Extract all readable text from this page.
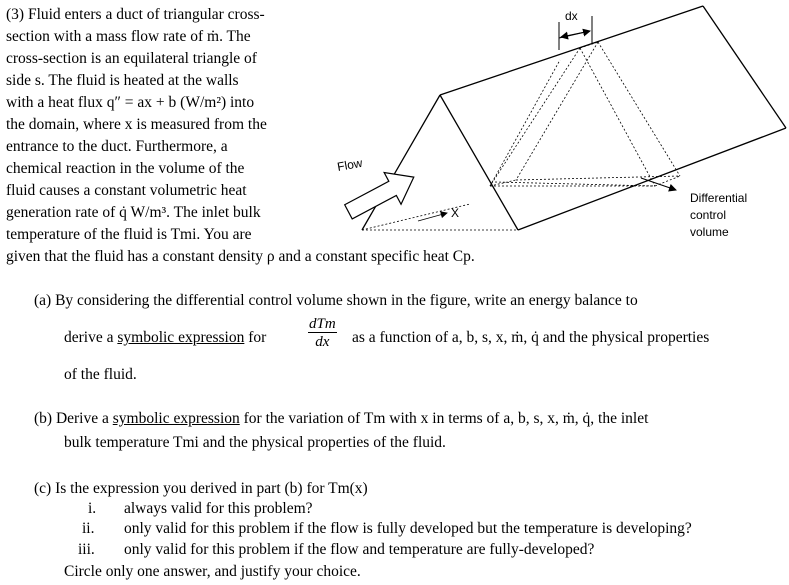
(3) Fluid enters a duct of triangular cross-
section with a mass flow rate of ṁ. The
cross-section is an equilateral triangle of
side s. The fluid is heated at the walls
with a heat flux q″ = ax + b (W/m²) into
the domain, where x is measured from the
entrance to the duct. Furthermore, a
chemical reaction in the volume of the
fluid causes a constant volumetric heat
generation rate of q̇ W/m³. The inlet bulk
temperature of the fluid is Tmi. You are
given that the fluid has a constant density ρ and a constant specific heat Cp.
dx
X
Flow
Differential
control
volume
(a) By considering the differential control volume shown in the figure, write an energy balance to
derive a symbolic expression for
dTm
dx	as a function of a, b, s, x, ṁ, q̇ and the physical properties
of the fluid.
(b) Derive a symbolic expression for the variation of Tm with x in terms of a, b, s, x, ṁ, q̇, the inlet
bulk temperature Tmi and the physical properties of the fluid.
(c) Is the expression you derived in part (b) for Tm(x)
i. always valid for this problem?
ii. only valid for this problem if the flow is fully developed but the temperature is developing?
iii. only valid for this problem if the flow and temperature are fully-developed?
Circle only one answer, and justify your choice.
